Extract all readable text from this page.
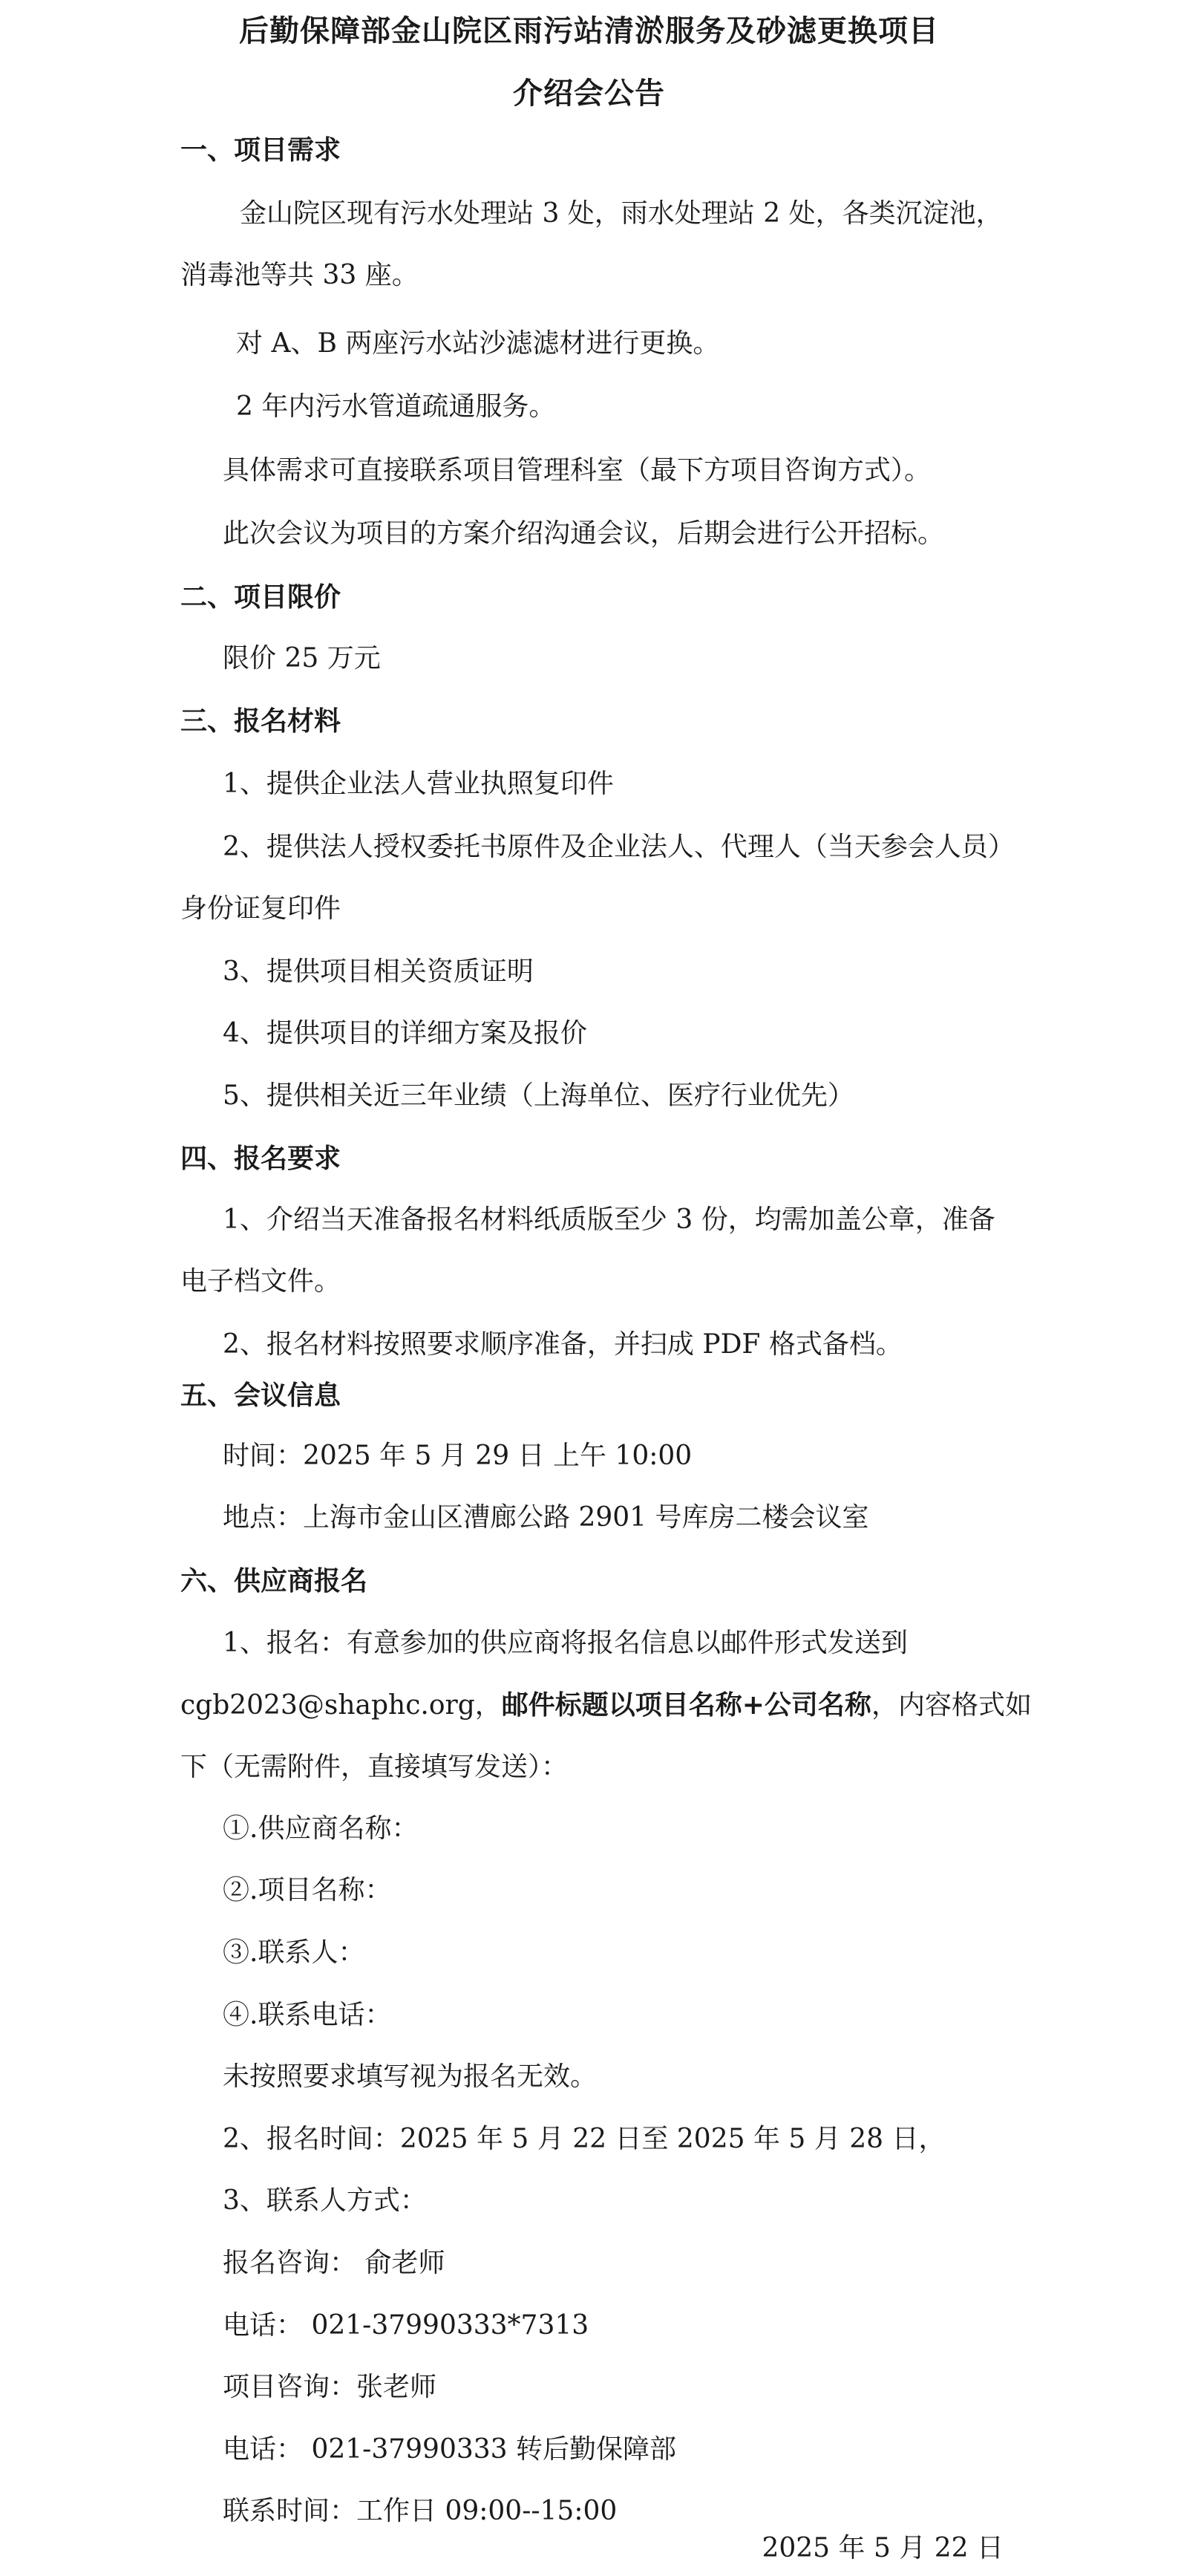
后勤保障部金山院区雨污站清淤服务及砂滤更换项目
介绍会公告
一、项目需求
金山院区现有污水处理站 3 处，雨水处理站 2 处，各类沉淀池，
消毒池等共 33 座。
对 A、B 两座污水站沙滤滤材进行更换。
2 年内污水管道疏通服务。
具体需求可直接联系项目管理科室（最下方项目咨询方式）。
此次会议为项目的方案介绍沟通会议，后期会进行公开招标。
二、项目限价
限价 25 万元
三、报名材料
1、提供企业法人营业执照复印件
2、提供法人授权委托书原件及企业法人、代理人（当天参会人员）
身份证复印件
3、提供项目相关资质证明
4、提供项目的详细方案及报价
5、提供相关近三年业绩（上海单位、医疗行业优先）
四、报名要求
1、介绍当天准备报名材料纸质版至少 3 份，均需加盖公章，准备
电子档文件。
2、报名材料按照要求顺序准备，并扫成 PDF 格式备档。
五、会议信息
时间：2025 年 5 月 29 日 上午 10:00
地点：上海市金山区漕廊公路 2901 号库房二楼会议室
六、供应商报名
1、报名：有意参加的供应商将报名信息以邮件形式发送到
cgb2023@shaphc.org，邮件标题以项目名称+公司名称，内容格式如
下（无需附件，直接填写发送）：
①.供应商名称：
②.项目名称：
③.联系人：
④.联系电话：
未按照要求填写视为报名无效。
2、报名时间：2025 年 5 月 22 日至 2025 年 5 月 28 日，
3、联系人方式：
报名咨询： 俞老师
电话： 021-37990333*7313
项目咨询：张老师
电话： 021-37990333 转后勤保障部
联系时间：工作日 09:00--15:00
2025 年 5 月 22 日
